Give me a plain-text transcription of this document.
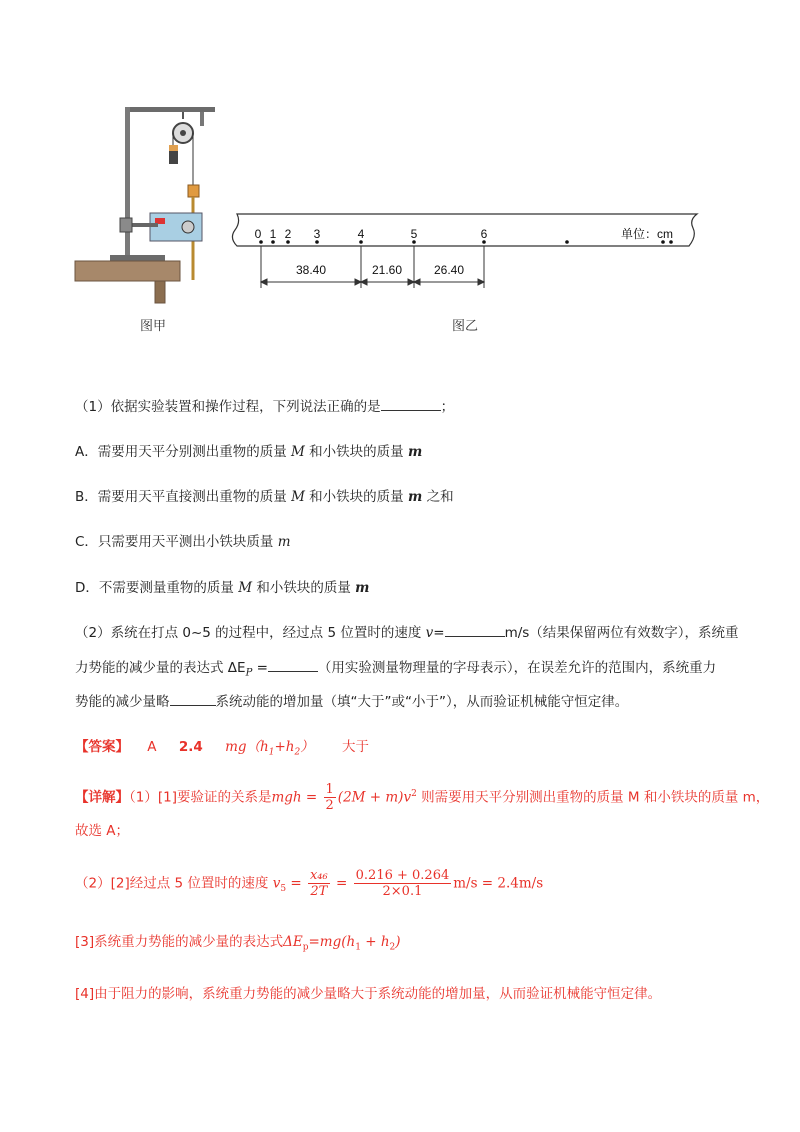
图甲
0 1 2 3	4	5	6	单位：cm
38.40	21.60	26.40
图乙
（1）依据实验装置和操作过程，下列说法正确的是	；
A．需要用天平分别测出重物的质量 M 和小铁块的质量 m
B．需要用天平直接测出重物的质量 M 和小铁块的质量 m 之和
C．只需要用天平测出小铁块质量 m
D．不需要测量重物的质量 M 和小铁块的质量 m
（2）系统在打点 0~5 的过程中，经过点 5 位置时的速度 v=	m/s（结果保留两位有效数字），系统重
力势能的减少量的表达式 $\Delta E_P$ =	（用实验测量物理量的字母表示），在误差允许的范围内，系统重力
势能的减少量略	系统动能的增加量（填“大于”或“小于”），从而验证机械能守恒定律。
【答案】 A 2.4 $mg(h_1+h_2)$ 大于
【详解】（1）[1]要验证的关系是mgh = $\frac{1}{2} (2M + m)v^2$ 则需要用天平分别测出重物的质量 M 和小铁块的质量 m，
故选 A；
（2）[2]经过点 5 位置时的速度 $v_5 = \frac{\text{x₄₆}}{2T} = \frac{0.216 + 0.264}{2\times 0.1} m/s = 2.4m/s$
[3]系统重力势能的减少量的表达式$\Delta E_p=mg(h_1 + h_2)$
[4]由于阻力的影响，系统重力势能的减少量略大于系统动能的增加量，从而验证机械能守恒定律。
